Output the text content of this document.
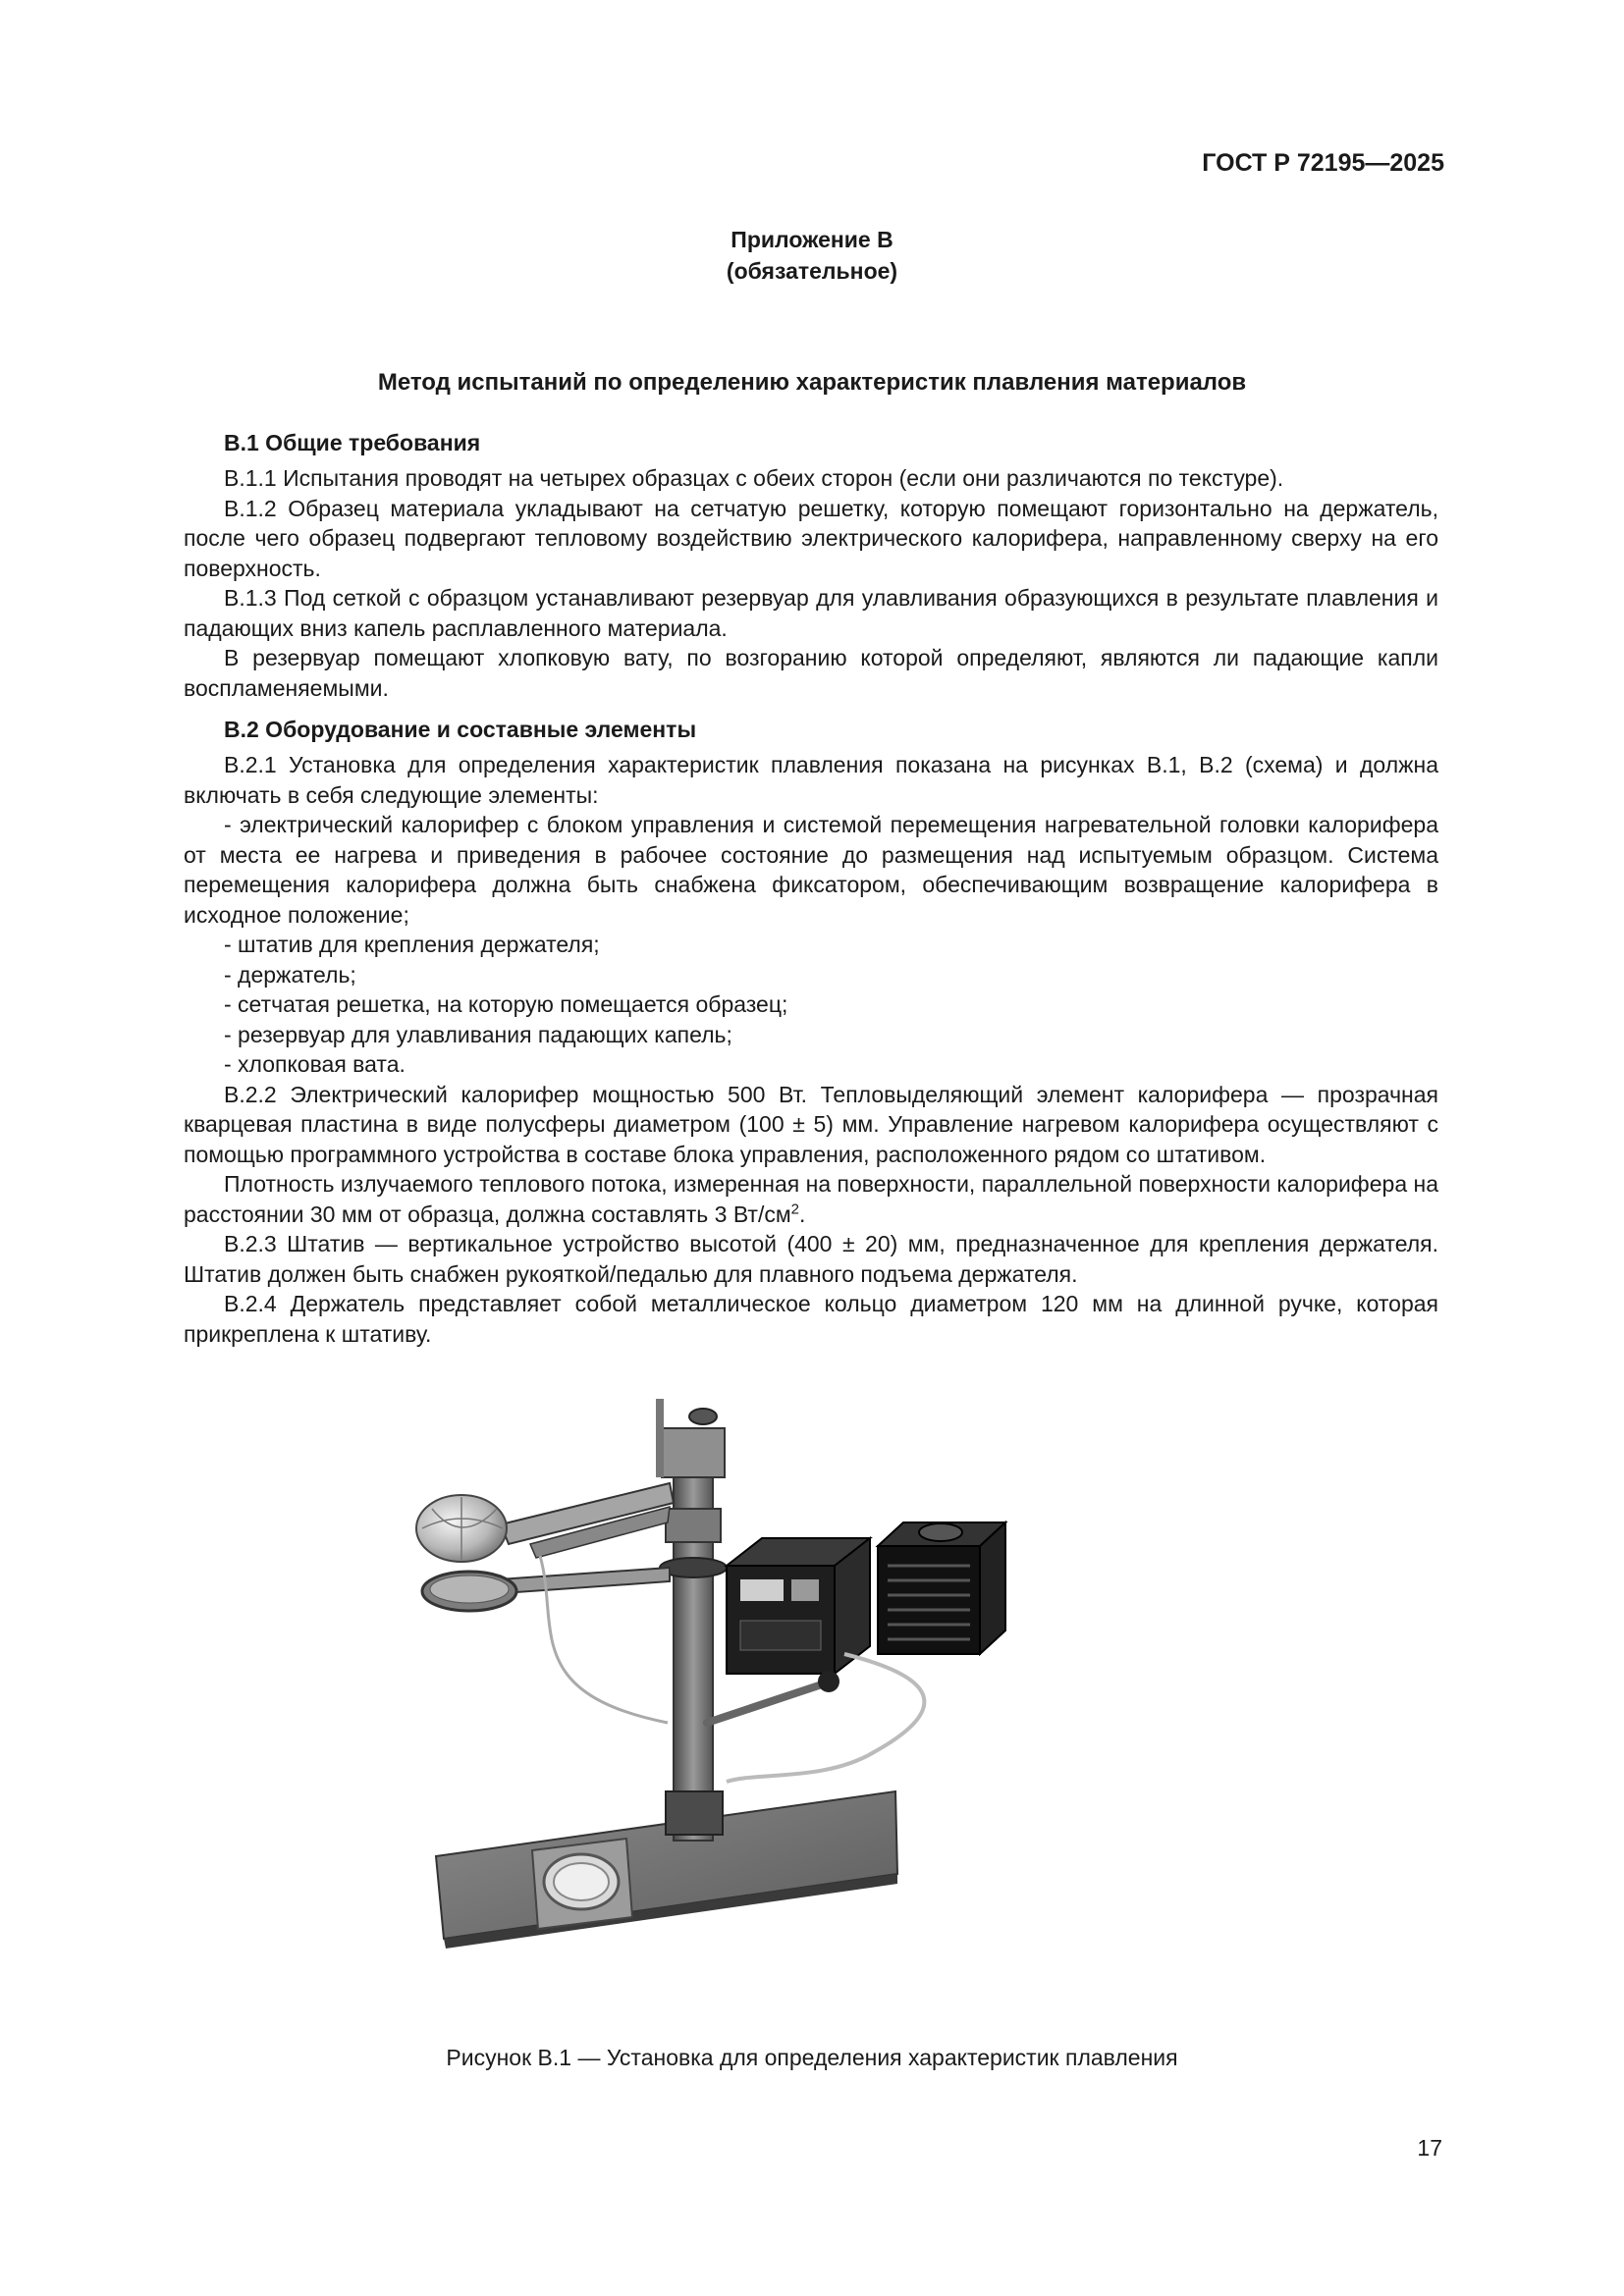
ГОСТ Р 72195—2025
Приложение В
(обязательное)
Метод испытаний по определению характеристик плавления материалов
В.1 Общие требования

В.1.1 Испытания проводят на четырех образцах с обеих сторон (если они различаются по текстуре).

В.1.2 Образец материала укладывают на сетчатую решетку, которую помещают горизонтально на держатель, после чего образец подвергают тепловому воздействию электрического калорифера, направленному сверху на его поверхность.

В.1.3 Под сеткой с образцом устанавливают резервуар для улавливания образующихся в результате плавления и падающих вниз капель расплавленного материала.

В резервуар помещают хлопковую вату, по возгоранию которой определяют, являются ли падающие капли воспламеняемыми.

В.2 Оборудование и составные элементы

В.2.1 Установка для определения характеристик плавления показана на рисунках В.1, В.2 (схема) и должна включать в себя следующие элементы:

- электрический калорифер с блоком управления и системой перемещения нагревательной головки калорифера от места ее нагрева и приведения в рабочее состояние до размещения над испытуемым образцом. Система перемещения калорифера должна быть снабжена фиксатором, обеспечивающим возвращение калорифера в исходное положение;

- штатив для крепления держателя;

- держатель;

- сетчатая решетка, на которую помещается образец;

- резервуар для улавливания падающих капель;

- хлопковая вата.

В.2.2 Электрический калорифер мощностью 500 Вт. Тепловыделяющий элемент калорифера — прозрачная кварцевая пластина в виде полусферы диаметром (100 ± 5) мм. Управление нагревом калорифера осуществляют с помощью программного устройства в составе блока управления, расположенного рядом со штативом.

Плотность излучаемого теплового потока, измеренная на поверхности, параллельной поверхности калорифера на расстоянии 30 мм от образца, должна составлять 3 $Вт/см^2$.

В.2.3 Штатив — вертикальное устройство высотой (400 ± 20) мм, предназначенное для крепления держателя. Штатив должен быть снабжен рукояткой/педалью для плавного подъема держателя.

В.2.4 Держатель представляет собой металлическое кольцо диаметром 120 мм на длинной ручке, которая прикреплена к штативу.

Рисунок В.1 — Установка для определения характеристик плавления
17
